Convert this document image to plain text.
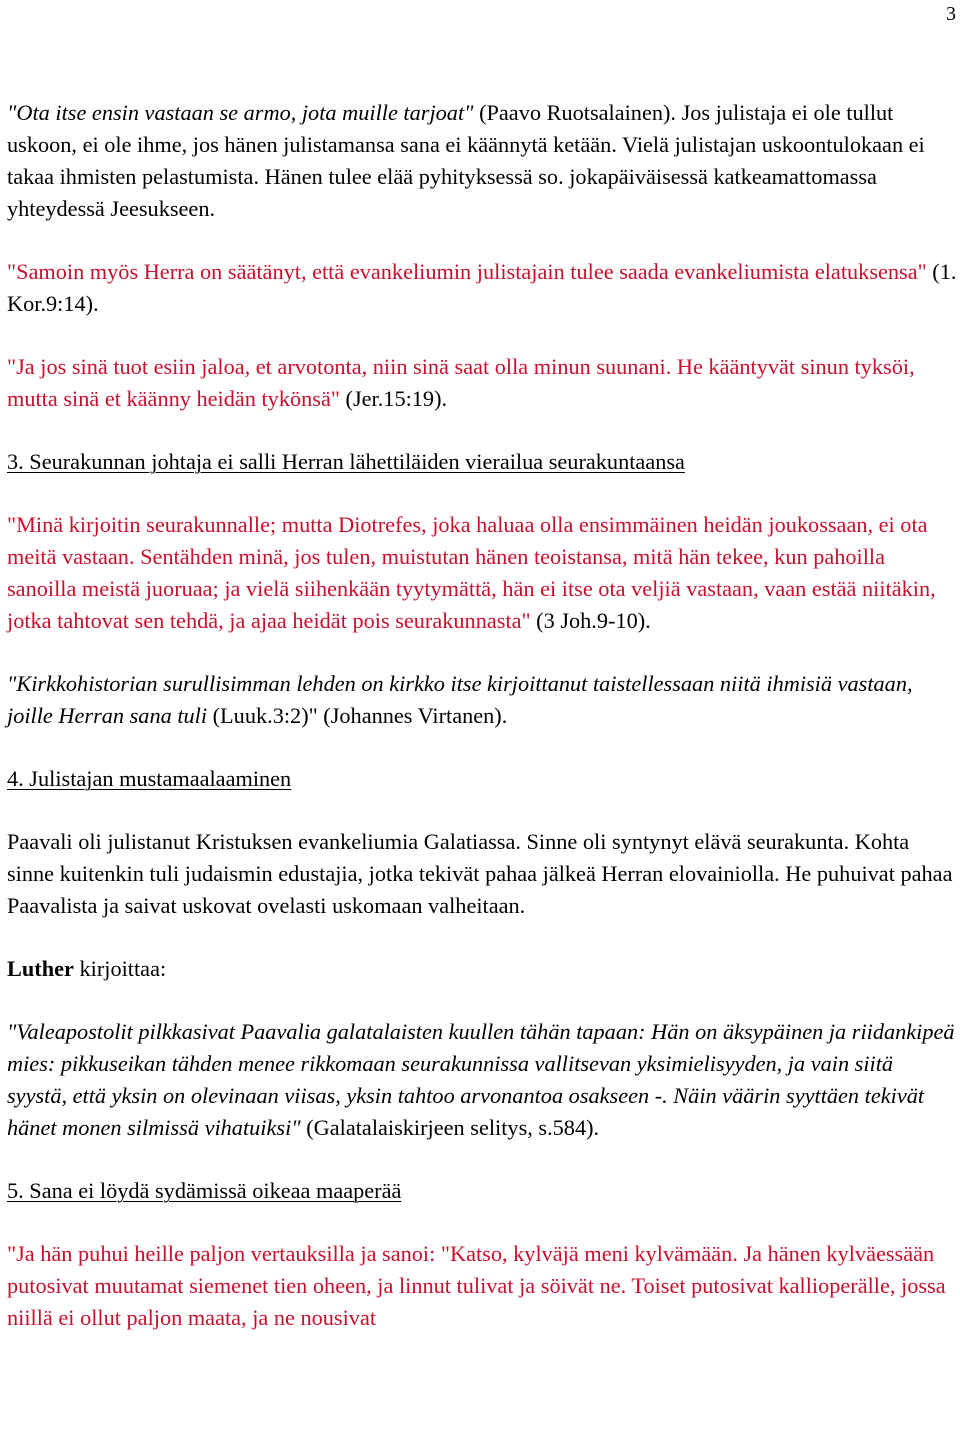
3

"Ota itse ensin vastaan se armo, jota muille tarjoat" (Paavo Ruotsalainen). Jos julistaja ei ole tullut uskoon, ei ole ihme, jos hänen julistamansa sana ei käännytä ketään. Vielä julistajan uskoontulokaan ei takaa ihmisten pelastumista. Hänen tulee elää pyhityksessä so. jokapäiväisessä katkeamattomassa yhteydessä Jeesukseen.

"Samoin myös Herra on säätänyt, että evankeliumin julistajain tulee saada evankeliumista elatuksensa" (1. Kor.9:14).

"Ja jos sinä tuot esiin jaloa, et arvotonta, niin sinä saat olla minun suunani. He kääntyvät sinun tyksöi, mutta sinä et käänny heidän tykönsä" (Jer.15:19).

3. Seurakunnan johtaja ei salli Herran lähettiläiden vierailua seurakuntaansa

"Minä kirjoitin seurakunnalle; mutta Diotrefes, joka haluaa olla ensimmäinen heidän joukossaan, ei ota meitä vastaan. Sentähden minä, jos tulen, muistutan hänen teoistansa, mitä hän tekee, kun pahoilla sanoilla meistä juoruaa; ja vielä siihenkään tyytymättä, hän ei itse ota veljiä vastaan, vaan estää niitäkin, jotka tahtovat sen tehdä, ja ajaa heidät pois seurakunnasta" (3 Joh.9-10).

"Kirkkohistorian surullisimman lehden on kirkko itse kirjoittanut taistellessaan niitä ihmisiä vastaan, joille Herran sana tuli (Luuk.3:2)" (Johannes Virtanen).

4. Julistajan mustamaalaaminen

Paavali oli julistanut Kristuksen evankeliumia Galatiassa. Sinne oli syntynyt elävä seurakunta. Kohta sinne kuitenkin tuli judaismin edustajia, jotka tekivät pahaa jälkeä Herran elovainiolla. He puhuivat pahaa Paavalista ja saivat uskovat ovelasti uskomaan valheitaan.

Luther kirjoittaa:

"Valeapostolit pilkkasivat Paavalia galatalaisten kuullen tähän tapaan: Hän on äksypäinen ja riidankipeä mies: pikkuseikan tähden menee rikkomaan seurakunnissa vallitsevan yksimielisyyden, ja vain siitä syystä, että yksin on olevinaan viisas, yksin tahtoo arvonantoa osakseen -. Näin väärin syyttäen tekivät hänet monen silmissä vihatuiksi" (Galatalaiskirjeen selitys, s.584).

5. Sana ei löydä sydämissä oikeaa maaperää

"Ja hän puhui heille paljon vertauksilla ja sanoi: "Katso, kylväjä meni kylvämään. Ja hänen kylväessään putosivat muutamat siemenet tien oheen, ja linnut tulivat ja söivät ne. Toiset putosivat kallioperälle, jossa niillä ei ollut paljon maata, ja ne nousivat
